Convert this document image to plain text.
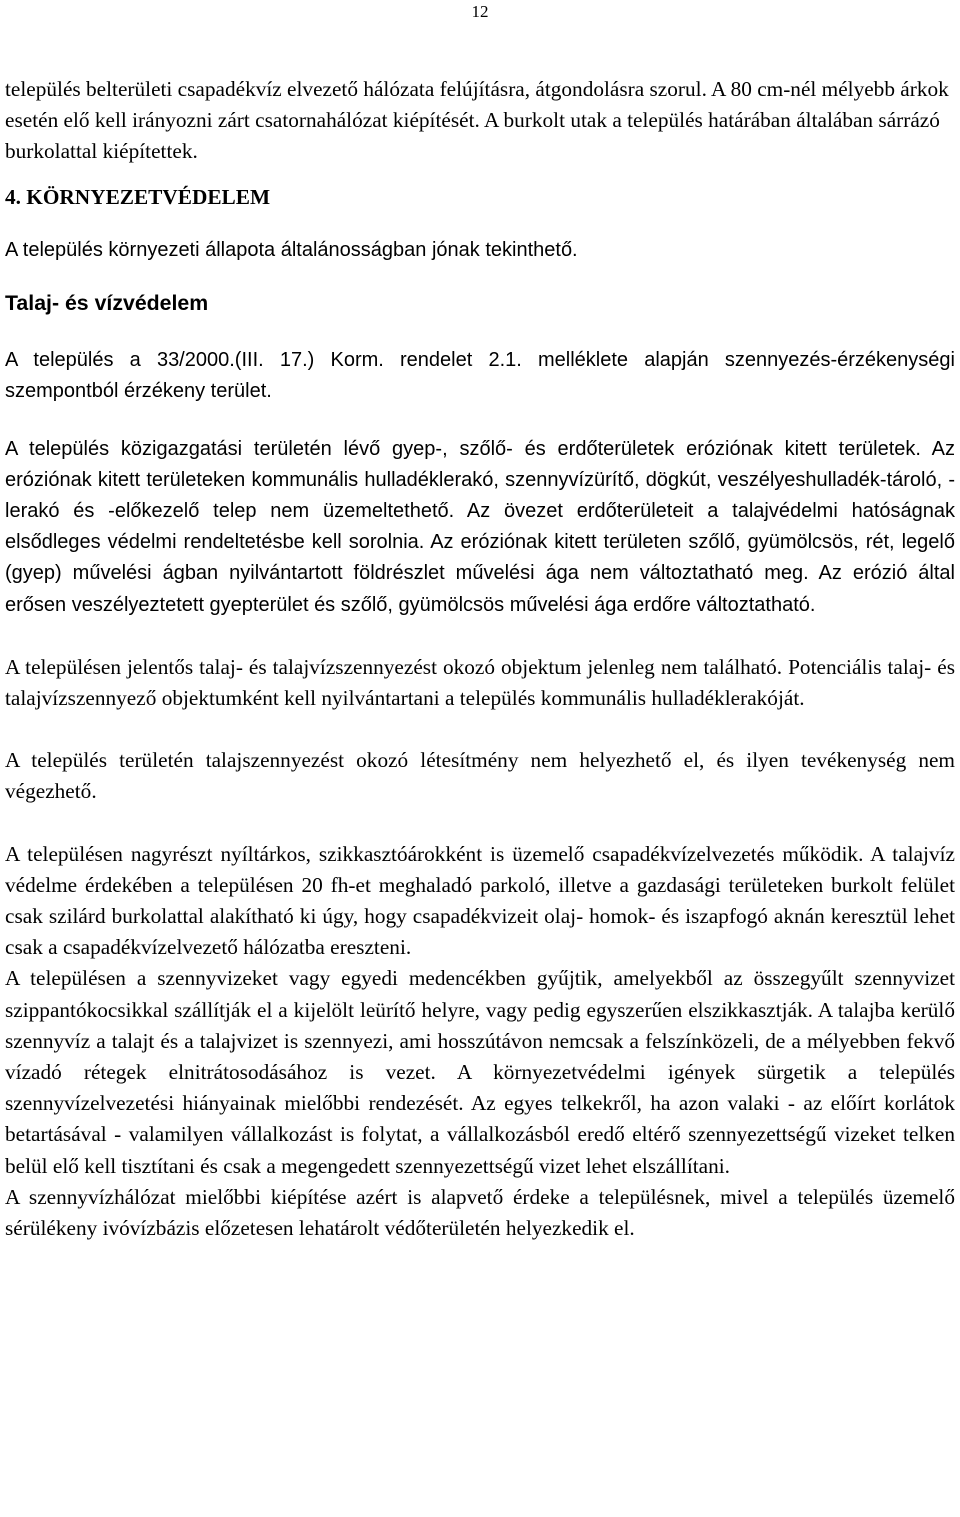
12

település belterületi csapadékvíz elvezető hálózata felújításra, átgondolásra szorul. A 80 cm-nél mélyebb árkok esetén elő kell irányozni zárt csatornahálózat kiépítését. A burkolt utak a település határában általában sárrázó burkolattal kiépítettek.

4. KÖRNYEZETVÉDELEM

A település környezeti állapota általánosságban jónak tekinthető.

Talaj- és vízvédelem

A település a 33/2000.(III. 17.) Korm. rendelet 2.1. melléklete alapján szennyezés-érzékenységi szempontból érzékeny terület.

A település közigazgatási területén lévő gyep-, szőlő- és erdőterületek eróziónak kitett területek. Az eróziónak kitett területeken kommunális hulladéklerakó, szennyvízürítő, dögkút, veszélyeshulladék-tároló, -lerakó és -előkezelő telep nem üzemeltethető. Az övezet erdőterületeit a talajvédelmi hatóságnak elsődleges védelmi rendeltetésbe kell sorolnia. Az eróziónak kitett területen szőlő, gyümölcsös, rét, legelő (gyep) művelési ágban nyilvántartott földrészlet művelési ága nem változtatható meg. Az erózió által erősen veszélyeztetett gyepterület és szőlő, gyümölcsös művelési ága erdőre változtatható.

A településen jelentős talaj- és talajvízszennyezést okozó objektum jelenleg nem található. Potenciális talaj- és talajvízszennyező objektumként kell nyilvántartani a település kommunális hulladéklerakóját.

A település területén talajszennyezést okozó létesítmény nem helyezhető el, és ilyen tevékenység nem végezhető.

A településen nagyrészt nyíltárkos, szikkasztóárokként is üzemelő csapadékvízelvezetés működik. A talajvíz védelme érdekében a településen 20 fh-et meghaladó parkoló, illetve a gazdasági területeken burkolt felület csak szilárd burkolattal alakítható ki úgy, hogy csapadékvizeit olaj- homok- és iszapfogó aknán keresztül lehet csak a csapadékvízelvezető hálózatba ereszteni.

A településen a szennyvizeket vagy egyedi medencékben gyűjtik, amelyekből az összegyűlt szennyvizet szippantókocsikkal szállítják el a kijelölt leürítő helyre, vagy pedig egyszerűen elszikkasztják. A talajba kerülő szennyvíz a talajt és a talajvizet is szennyezi, ami hosszútávon nemcsak a felszínközeli, de a mélyebben fekvő vízadó rétegek elnitrátosodásához is vezet. A környezetvédelmi igények sürgetik a település szennyvízelvezetési hiányainak mielőbbi rendezését. Az egyes telkekről, ha azon valaki - az előírt korlátok betartásával - valamilyen vállalkozást is folytat, a vállalkozásból eredő eltérő szennyezettségű vizeket telken belül elő kell tisztítani és csak a megengedett szennyezettségű vizet lehet elszállítani.

A szennyvízhálózat mielőbbi kiépítése azért is alapvető érdeke a településnek, mivel a település üzemelő sérülékeny ivóvízbázis előzetesen lehatárolt védőterületén helyezkedik el.
